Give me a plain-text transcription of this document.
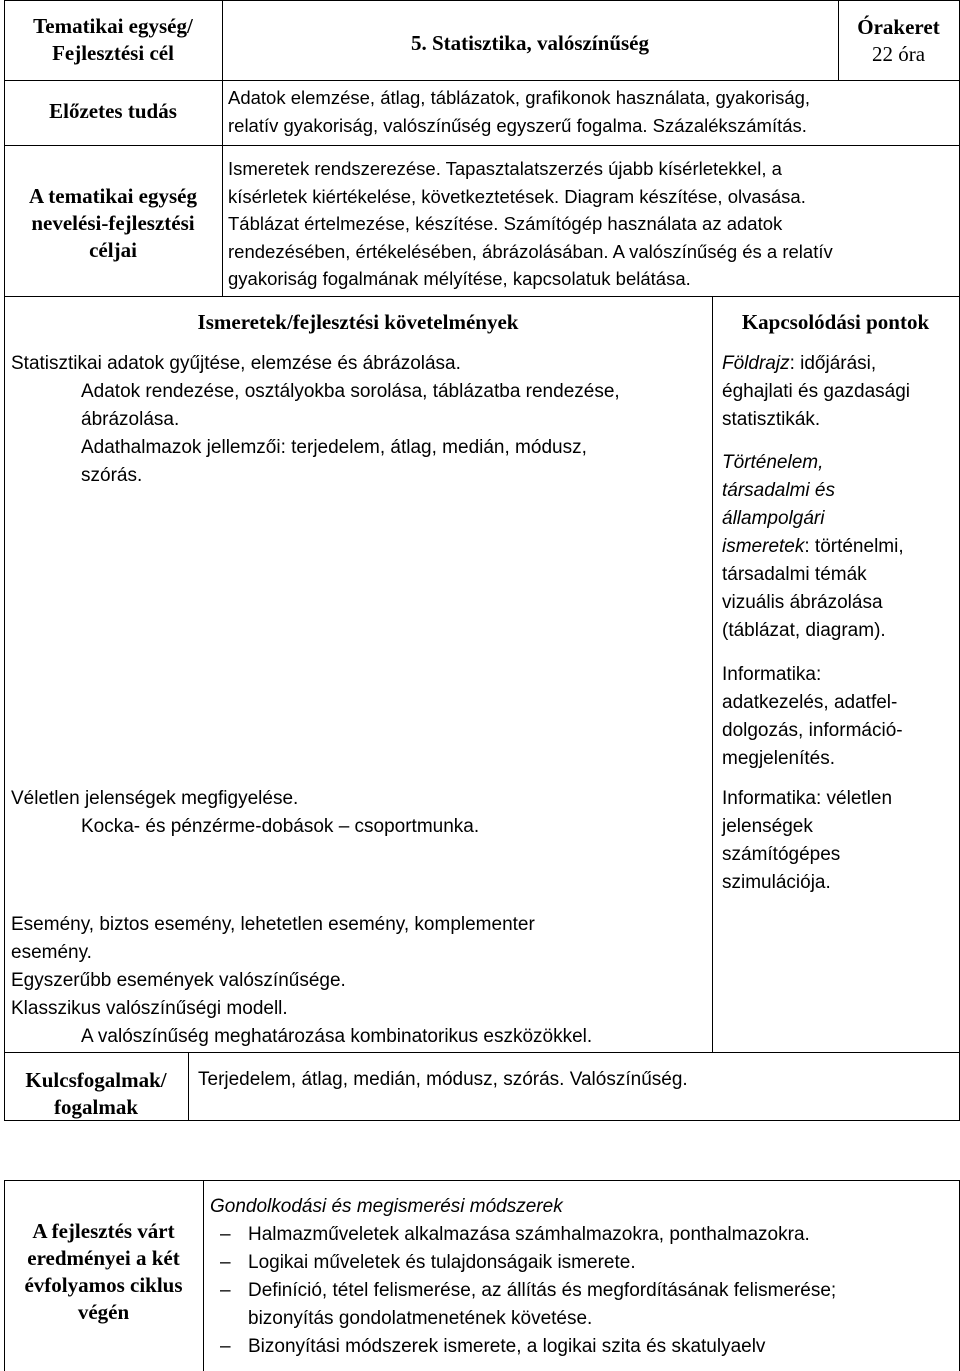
Tematikai egység/
Fejlesztési cél	5. Statisztika, valószínűség
Órakeret
22 óra
Előzetes tudás
Adatok elemzése, átlag, táblázatok, grafikonok használata, gyakoriság,
relatív gyakoriság, valószínűség egyszerű fogalma. Százalékszámítás.
A tematikai egység
nevelési-fejlesztési
céljai
Ismeretek rendszerezése. Tapasztalatszerzés újabb kísérletekkel, a
kísérletek kiértékelése, következtetések. Diagram készítése, olvasása.
Táblázat értelmezése, készítése. Számítógép használata az adatok
rendezésében, értékelésében, ábrázolásában. A valószínűség és a relatív
gyakoriság fogalmának mélyítése, kapcsolatuk belátása.
Ismeretek/fejlesztési követelmények	Kapcsolódási pontok
Statisztikai adatok gyűjtése, elemzése és ábrázolása.
Adatok rendezése, osztályokba sorolása, táblázatba rendezése,
ábrázolása.
Adathalmazok jellemzői: terjedelem, átlag, medián, módusz,
szórás.
Véletlen jelenségek megfigyelése.
Kocka- és pénzérme-dobások – csoportmunka.
Esemény, biztos esemény, lehetetlen esemény, komplementer
esemény.
Egyszerűbb események valószínűsége.
Klasszikus valószínűségi modell.
A valószínűség meghatározása kombinatorikus eszközökkel.
Földrajz: időjárási,
éghajlati és gazdasági
statisztikák.
Történelem,
társadalmi és
állampolgári
ismeretek: történelmi,
társadalmi témák
vizuális ábrázolása
(táblázat, diagram).
Informatika:
adatkezelés, adatfel-
dolgozás, információ-
megjelenítés.
Informatika: véletlen
jelenségek
számítógépes
szimulációja.
Kulcsfogalmak/
fogalmak
Terjedelem, átlag, medián, módusz, szórás. Valószínűség.
A fejlesztés várt
eredményei a két
évfolyamos ciklus
végén
Gondolkodási és megismerési módszerek
– Halmazműveletek alkalmazása számhalmazokra, ponthalmazokra.
– Logikai műveletek és tulajdonságaik ismerete.
– Definíció, tétel felismerése, az állítás és megfordításának felismerése;
bizonyítás gondolatmenetének követése.
– Bizonyítási módszerek ismerete, a logikai szita és skatulyaelv
